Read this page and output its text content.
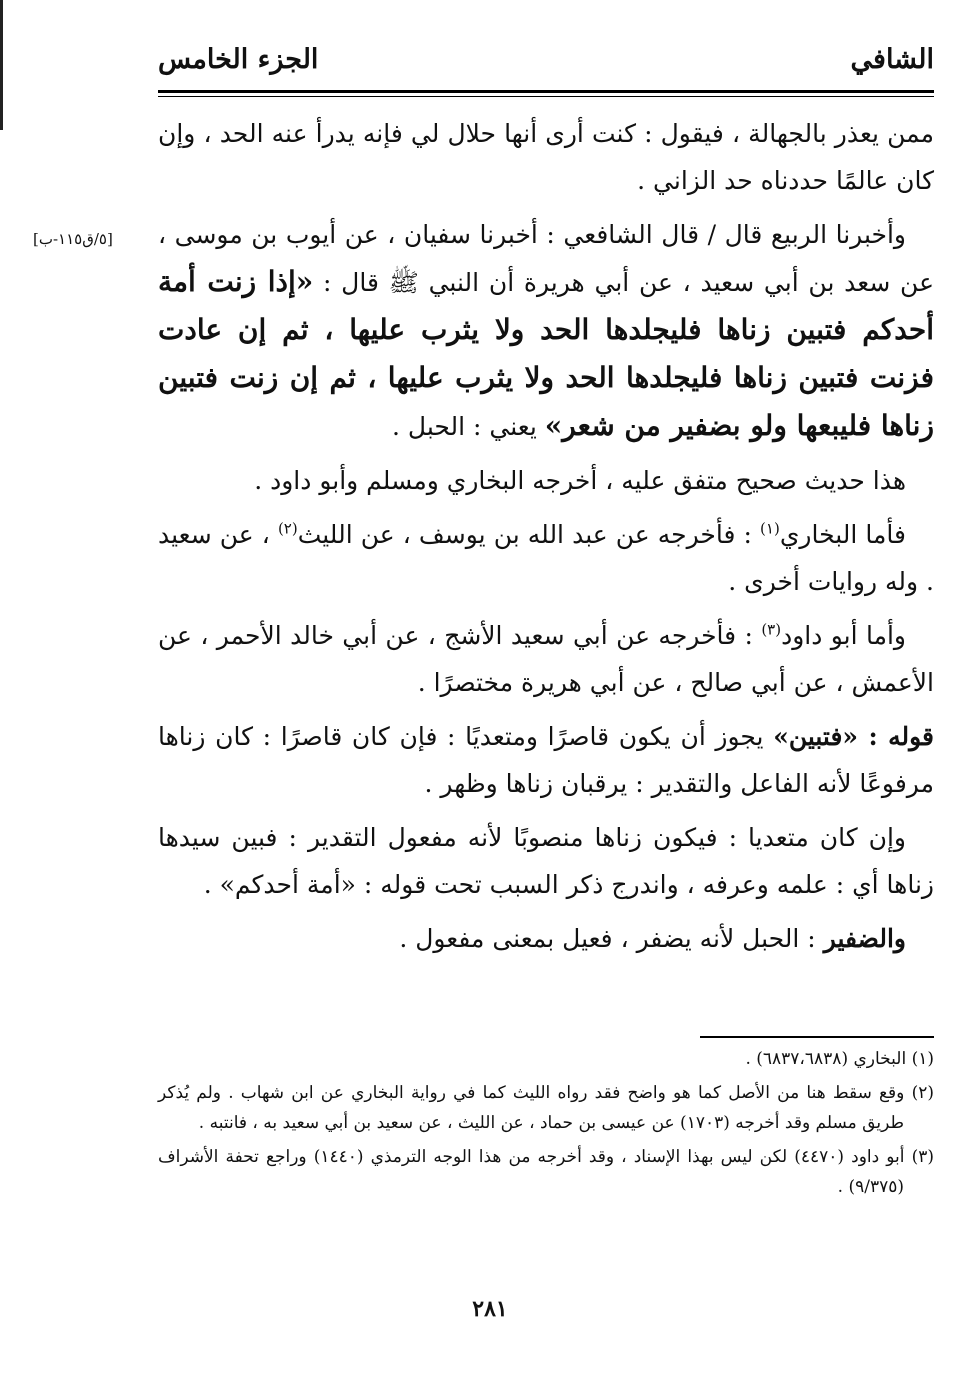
الشافي
الجزء الخامس
[٥/ق١١٥-ب]

ممن يعذر بالجهالة ، فيقول : كنت أرى أنها حلال لي فإنه يدرأ عنه الحد ، وإن كان عالمًا حددناه حد الزاني .

وأخبرنا الربيع قال / قال الشافعي : أخبرنا سفيان ، عن أيوب بن موسى ، عن سعد بن أبي سعيد ، عن أبي هريرة أن النبي ﷺ قال : «إذا زنت أمة أحدكم فتبين زناها فليجلدها الحد ولا يثرب عليها ، ثم إن عادت فزنت فتبين زناها فليجلدها الحد ولا يثرب عليها ، ثم إن زنت فتبين زناها فليبعها ولو بضفير من شعر» يعني : الحبل .

هذا حديث صحيح متفق عليه ، أخرجه البخاري ومسلم وأبو داود .

فأما البخاري$^{(١)}$ : فأخرجه عن عبد الله بن يوسف ، عن الليث$^{(٢)}$ ، عن سعيد . وله روايات أخرى .

وأما أبو داود$^{(٣)}$ : فأخرجه عن أبي سعيد الأشج ، عن أبي خالد الأحمر ، عن الأعمش ، عن أبي صالح ، عن أبي هريرة مختصرًا .

قوله : «فتبين» يجوز أن يكون قاصرًا ومتعديًا : فإن كان قاصرًا : كان زناها مرفوعًا لأنه الفاعل والتقدير : يرقبان زناها وظهر .

وإن كان متعديا : فيكون زناها منصوبًا لأنه مفعول التقدير : فبين سيدها زناها أي : علمه وعرفه ، واندرج ذكر السبب تحت قوله : «أمة أحدكم» .

والضفير : الحبل لأنه يضفر ، فعيل بمعنى مفعول .

(١) البخاري (٦٨٣٧،٦٨٣٨) .

(٢) وقع سقط هنا من الأصل كما هو واضح فقد رواه الليث كما في رواية البخاري عن ابن شهاب . ولم يُذكر طريق مسلم وقد أخرجه (١٧٠٣) عن عيسى بن حماد ، عن الليث ، عن سعيد بن أبي سعيد به ، فانتبه .

(٣) أبو داود (٤٤٧٠) لكن ليس بهذا الإسناد ، وقد أخرجه من هذا الوجه الترمذي (١٤٤٠) وراجع تحفة الأشراف (٩/٣٧٥) .

٢٨١
